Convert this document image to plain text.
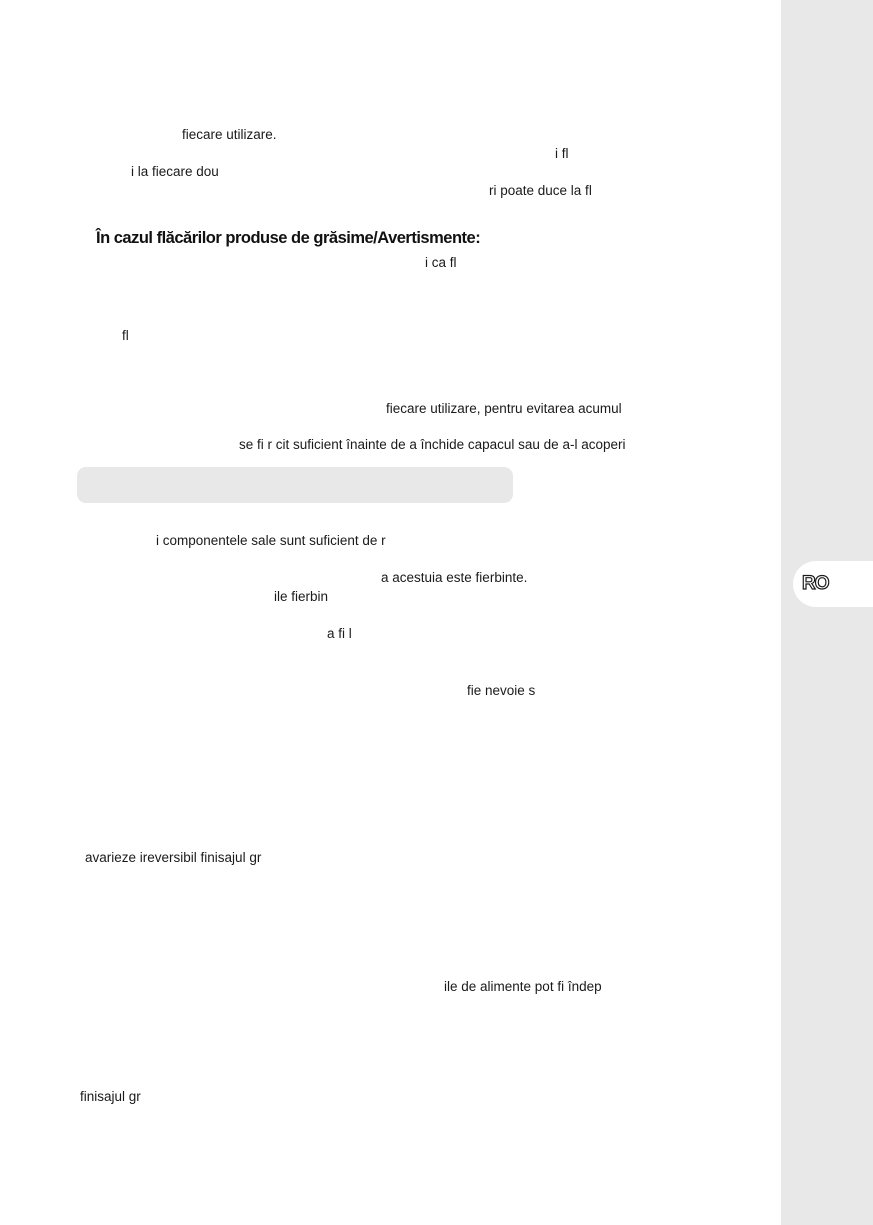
fiecare utilizare.
i fl
i la fiecare dou
ri poate duce la fl
În cazul flăcărilor produse de grăsime/Avertismente:
i ca fl
fl
fiecare utilizare, pentru evitarea acumul
se fi r cit suficient înainte de a închide capacul sau de a-l acoperi
i componentele sale sunt suficient de r
a acestuia este fierbinte.
ile fierbin
a fi l
fie nevoie s
avarieze ireversibil finisajul gr
ile de alimente pot fi îndep
finisajul gr
RO
